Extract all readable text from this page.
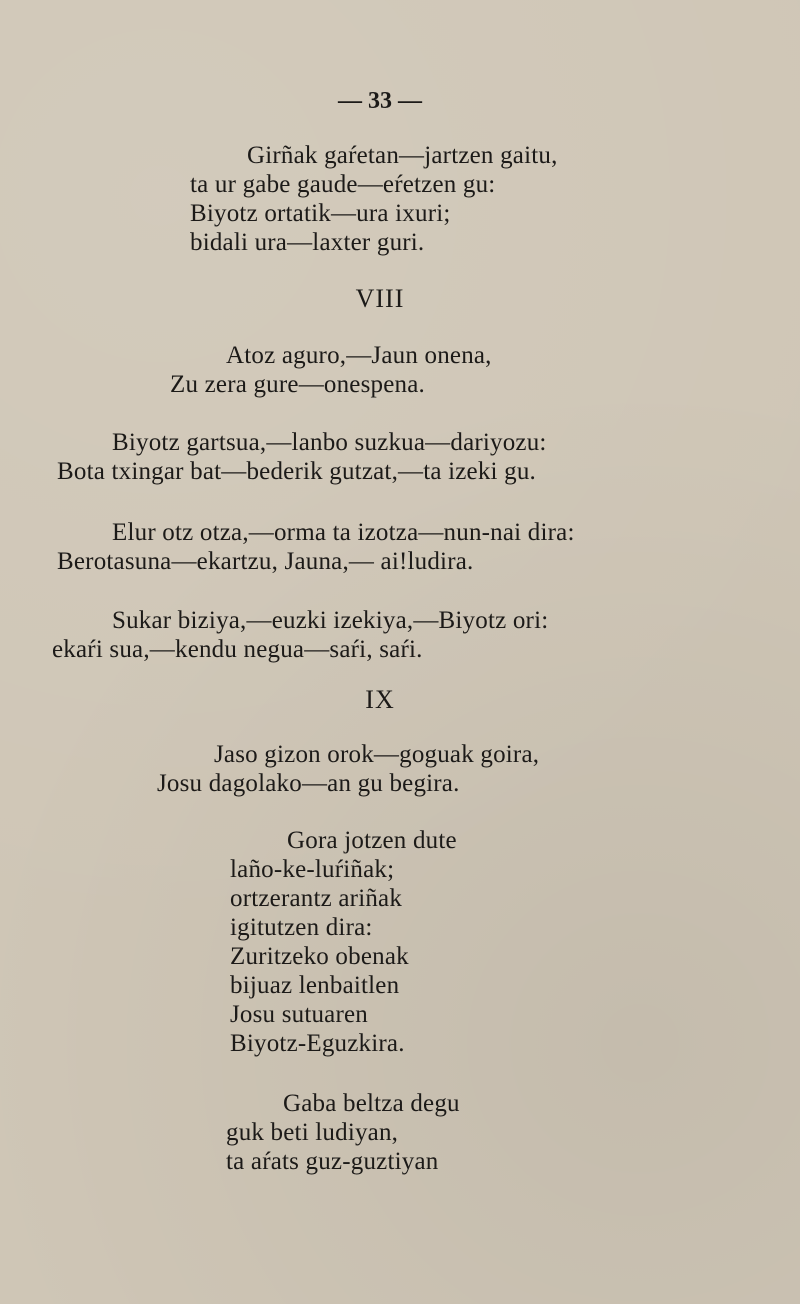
— 33 —
Girñak gaŕetan—jartzen gaitu,
ta ur gabe gaude—eŕetzen gu:
Biyotz ortatik—ura ixuri;
bidali ura—laxter guri.
VIII
Atoz aguro,—Jaun onena,
Zu zera gure—onespena.
Biyotz gartsua,—lanbo suzkua—dariyozu:
Bota txingar bat—bederik gutzat,—ta izeki gu.
Elur otz otza,—orma ta izotza—nun-nai dira:
Berotasuna—ekartzu, Jauna,— ai!ludira.
Sukar biziya,—euzki izekiya,—Biyotz ori:
ekaŕi sua,—kendu negua—saŕi, saŕi.
IX
Jaso gizon orok—goguak goira,
Josu dagolako—an gu begira.
Gora jotzen dute
laño-ke-luŕiñak;
ortzerantz ariñak
igitutzen dira:
Zuritzeko obenak
bijuaz lenbaitlen
Josu sutuaren
Biyotz-Eguzkira.
Gaba beltza degu
guk beti ludiyan,
ta aŕats guz-guztiyan
